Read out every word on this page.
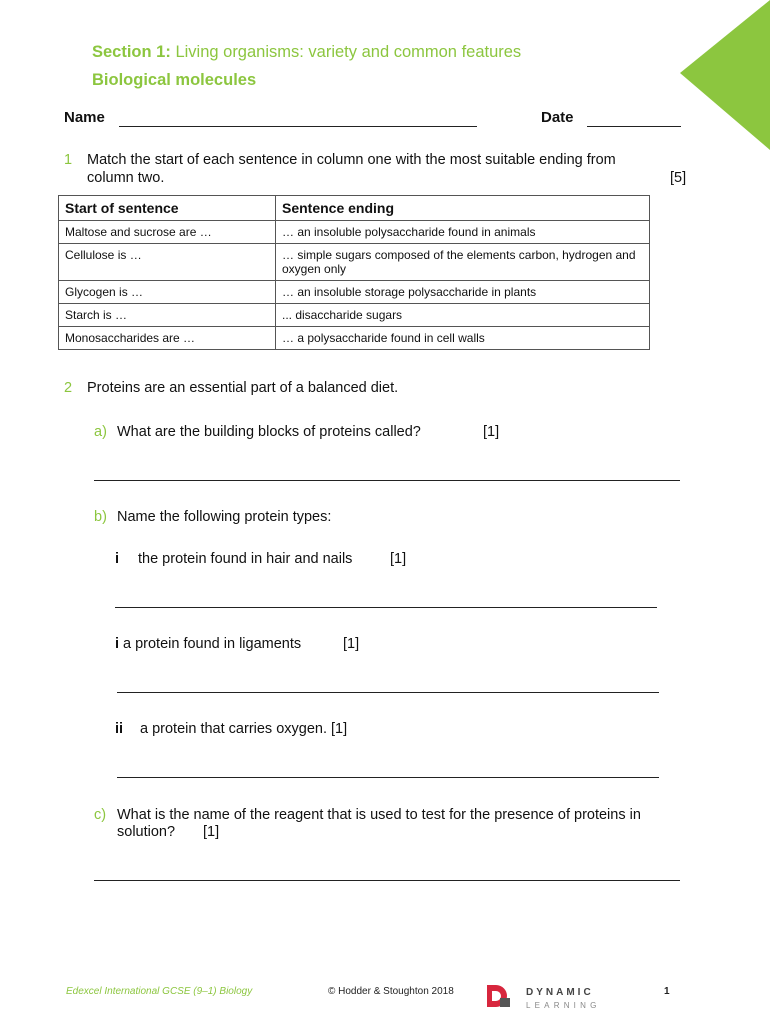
Section 1: Living organisms: variety and common features
Biological molecules
Name	Date
1 Match the start of each sentence in column one with the most suitable ending from
column two.	[5]
Start of sentence	Sentence ending
Maltose and sucrose are …	… an insoluble polysaccharide found in animals
Cellulose is …	… simple sugars composed of the elements carbon, hydrogen and oxygen only
Glycogen is …	… an insoluble storage polysaccharide in plants
Starch is …	... disaccharide sugars
Monosaccharides are …	… a polysaccharide found in cell walls
2 Proteins are an essential part of a balanced diet.
a) What are the building blocks of proteins called?	[1]
b) Name the following protein types:
i the protein found in hair and nails	[1]
i a protein found in ligaments	[1]
ii a protein that carries oxygen. [1]
c) What is the name of the reagent that is used to test for the presence of proteins in
solution? [1]
Edexcel International GCSE (9–1) Biology	© Hodder & Stoughton 2018	DYNAMIC
LEARNING
1
